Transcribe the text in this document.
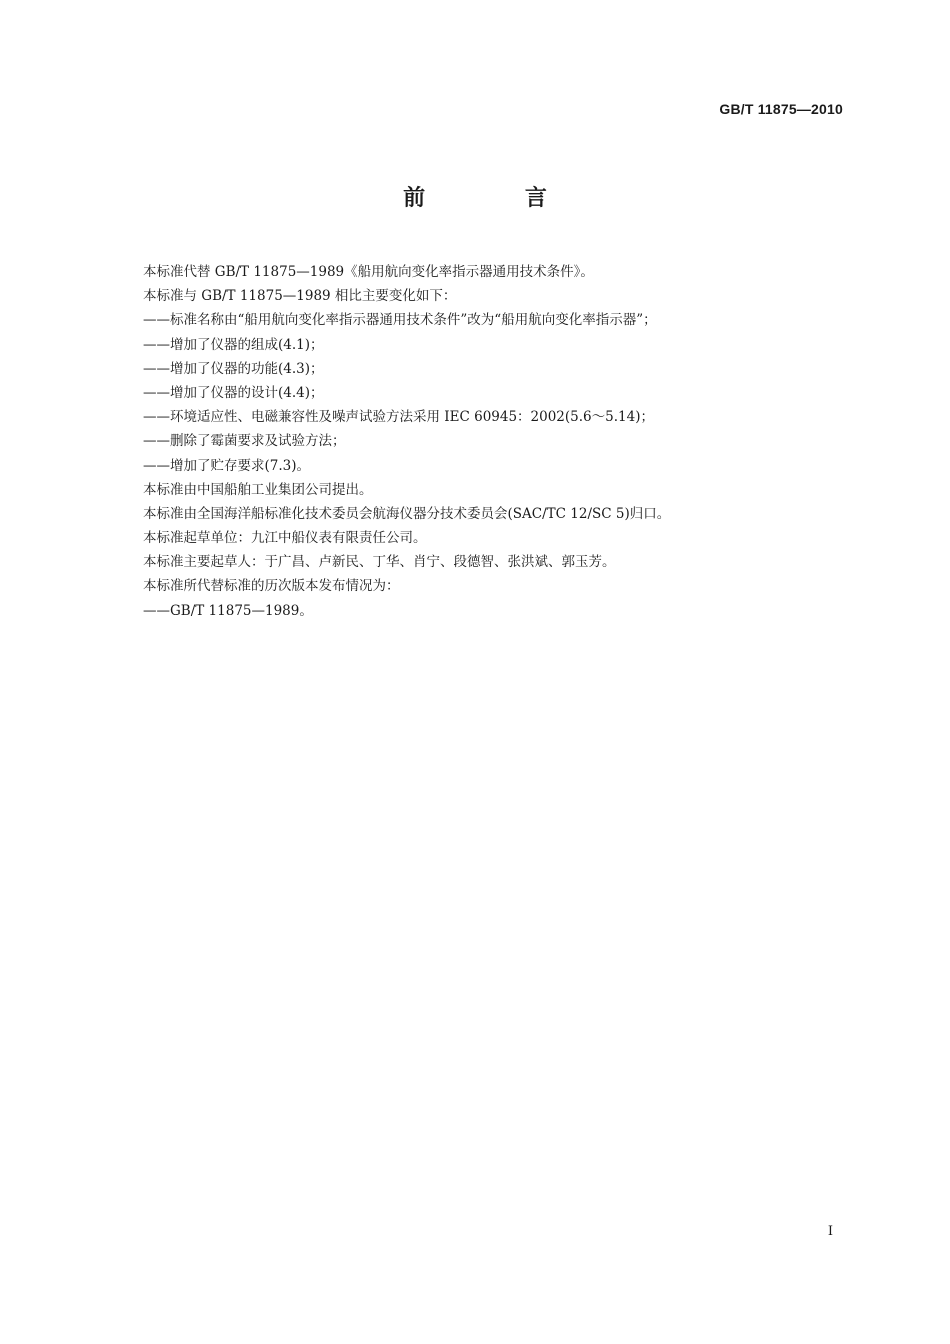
GB/T 11875—2010
前 言
本标准代替 GB/T 11875—1989《船用航向变化率指示器通用技术条件》。
本标准与 GB/T 11875—1989 相比主要变化如下：
——标准名称由“船用航向变化率指示器通用技术条件”改为“船用航向变化率指示器”；
——增加了仪器的组成(4.1)；
——增加了仪器的功能(4.3)；
——增加了仪器的设计(4.4)；
——环境适应性、电磁兼容性及噪声试验方法采用 IEC 60945：2002(5.6～5.14)；
——删除了霉菌要求及试验方法；
——增加了贮存要求(7.3)。
本标准由中国船舶工业集团公司提出。
本标准由全国海洋船标准化技术委员会航海仪器分技术委员会(SAC/TC 12/SC 5)归口。
本标准起草单位：九江中船仪表有限责任公司。
本标准主要起草人：于广昌、卢新民、丁华、肖宁、段德智、张洪斌、郭玉芳。
本标准所代替标准的历次版本发布情况为：
——GB/T 11875—1989。
I
